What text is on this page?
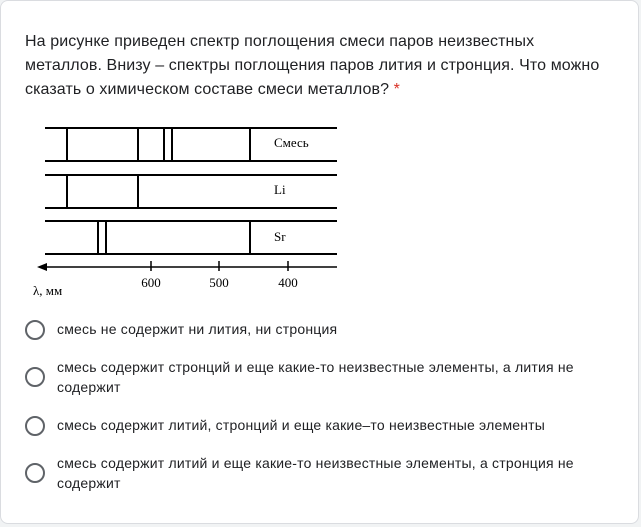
На рисунке приведен спектр поглощения смеси паров неизвестных металлов. Внизу – спектры поглощения паров лития и стронция. Что можно сказать о химическом составе смеси металлов? *
Смесь
Li
Sr
600	500	400
λ, мм
смесь не содержит ни лития, ни стронция
смесь содержит стронций и еще какие-то неизвестные элементы, а лития не содержит
смесь содержит литий, стронций и еще какие–то неизвестные элементы
смесь содержит литий и еще какие-то неизвестные элементы, а стронция не содержит
